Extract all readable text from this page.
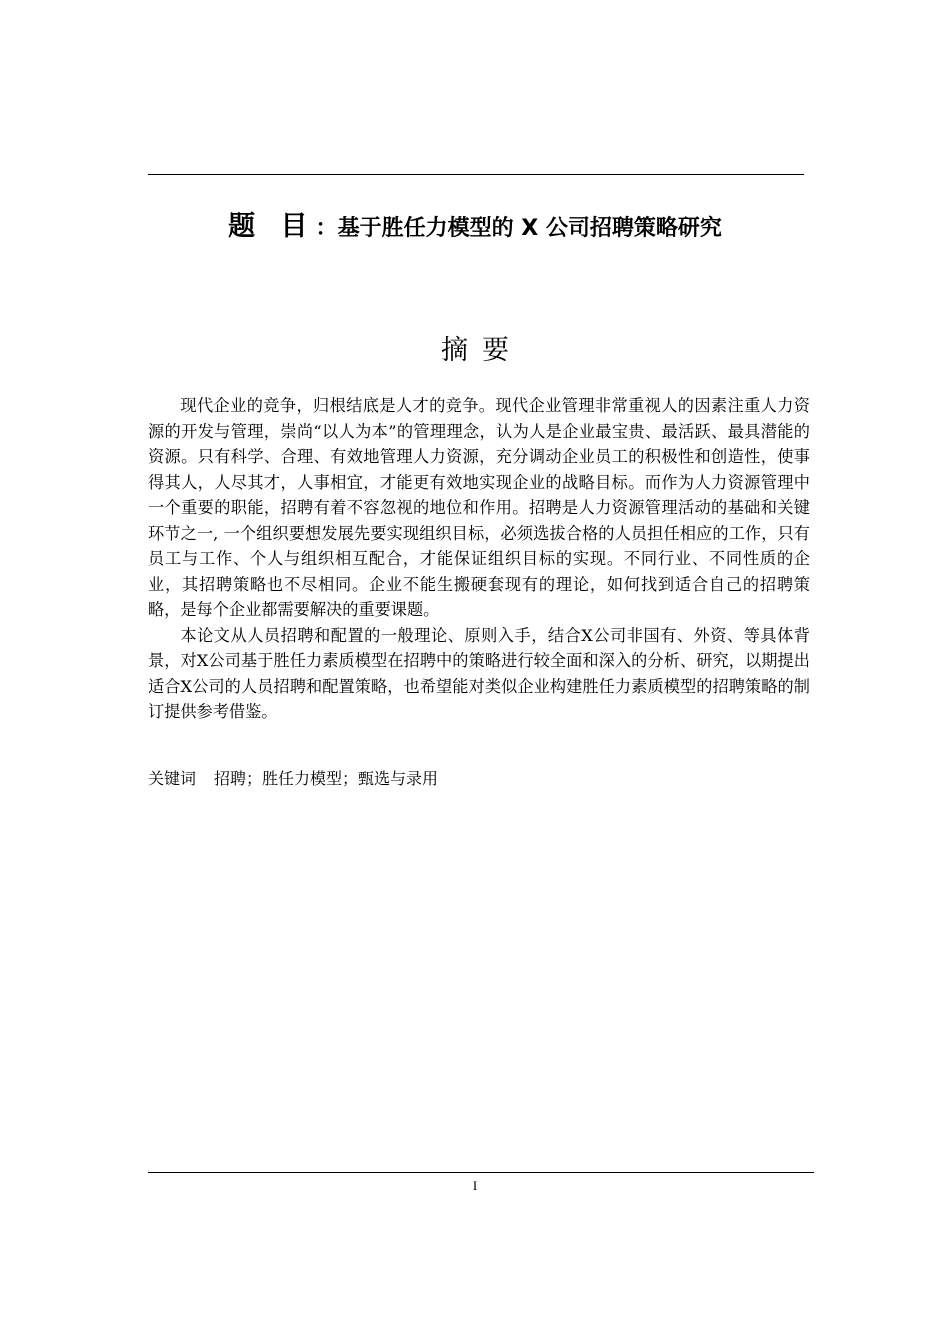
题 目：基于胜任力模型的 X 公司招聘策略研究
摘要

现代企业的竞争，归根结底是人才的竞争。现代企业管理非常重视人的因素注重人力资源的开发与管理，崇尚“以人为本”的管理理念，认为人是企业最宝贵、最活跃、最具潜能的资源。只有科学、合理、有效地管理人力资源，充分调动企业员工的积极性和创造性，使事得其人，人尽其才，人事相宜，才能更有效地实现企业的战略目标。而作为人力资源管理中一个重要的职能，招聘有着不容忽视的地位和作用。招聘是人力资源管理活动的基础和关键环节之一, 一个组织要想发展先要实现组织目标，必须选拔合格的人员担任相应的工作，只有员工与工作、个人与组织相互配合，才能保证组织目标的实现。不同行业、不同性质的企业，其招聘策略也不尽相同。企业不能生搬硬套现有的理论，如何找到适合自己的招聘策略，是每个企业都需要解决的重要课题。

本论文从人员招聘和配置的一般理论、原则入手，结合X公司非国有、外资、等具体背景，对X公司基于胜任力素质模型在招聘中的策略进行较全面和深入的分析、研究，以期提出适合X公司的人员招聘和配置策略，也希望能对类似企业构建胜任力素质模型的招聘策略的制订提供参考借鉴。

关键词 招聘；胜任力模型；甄选与录用
I
